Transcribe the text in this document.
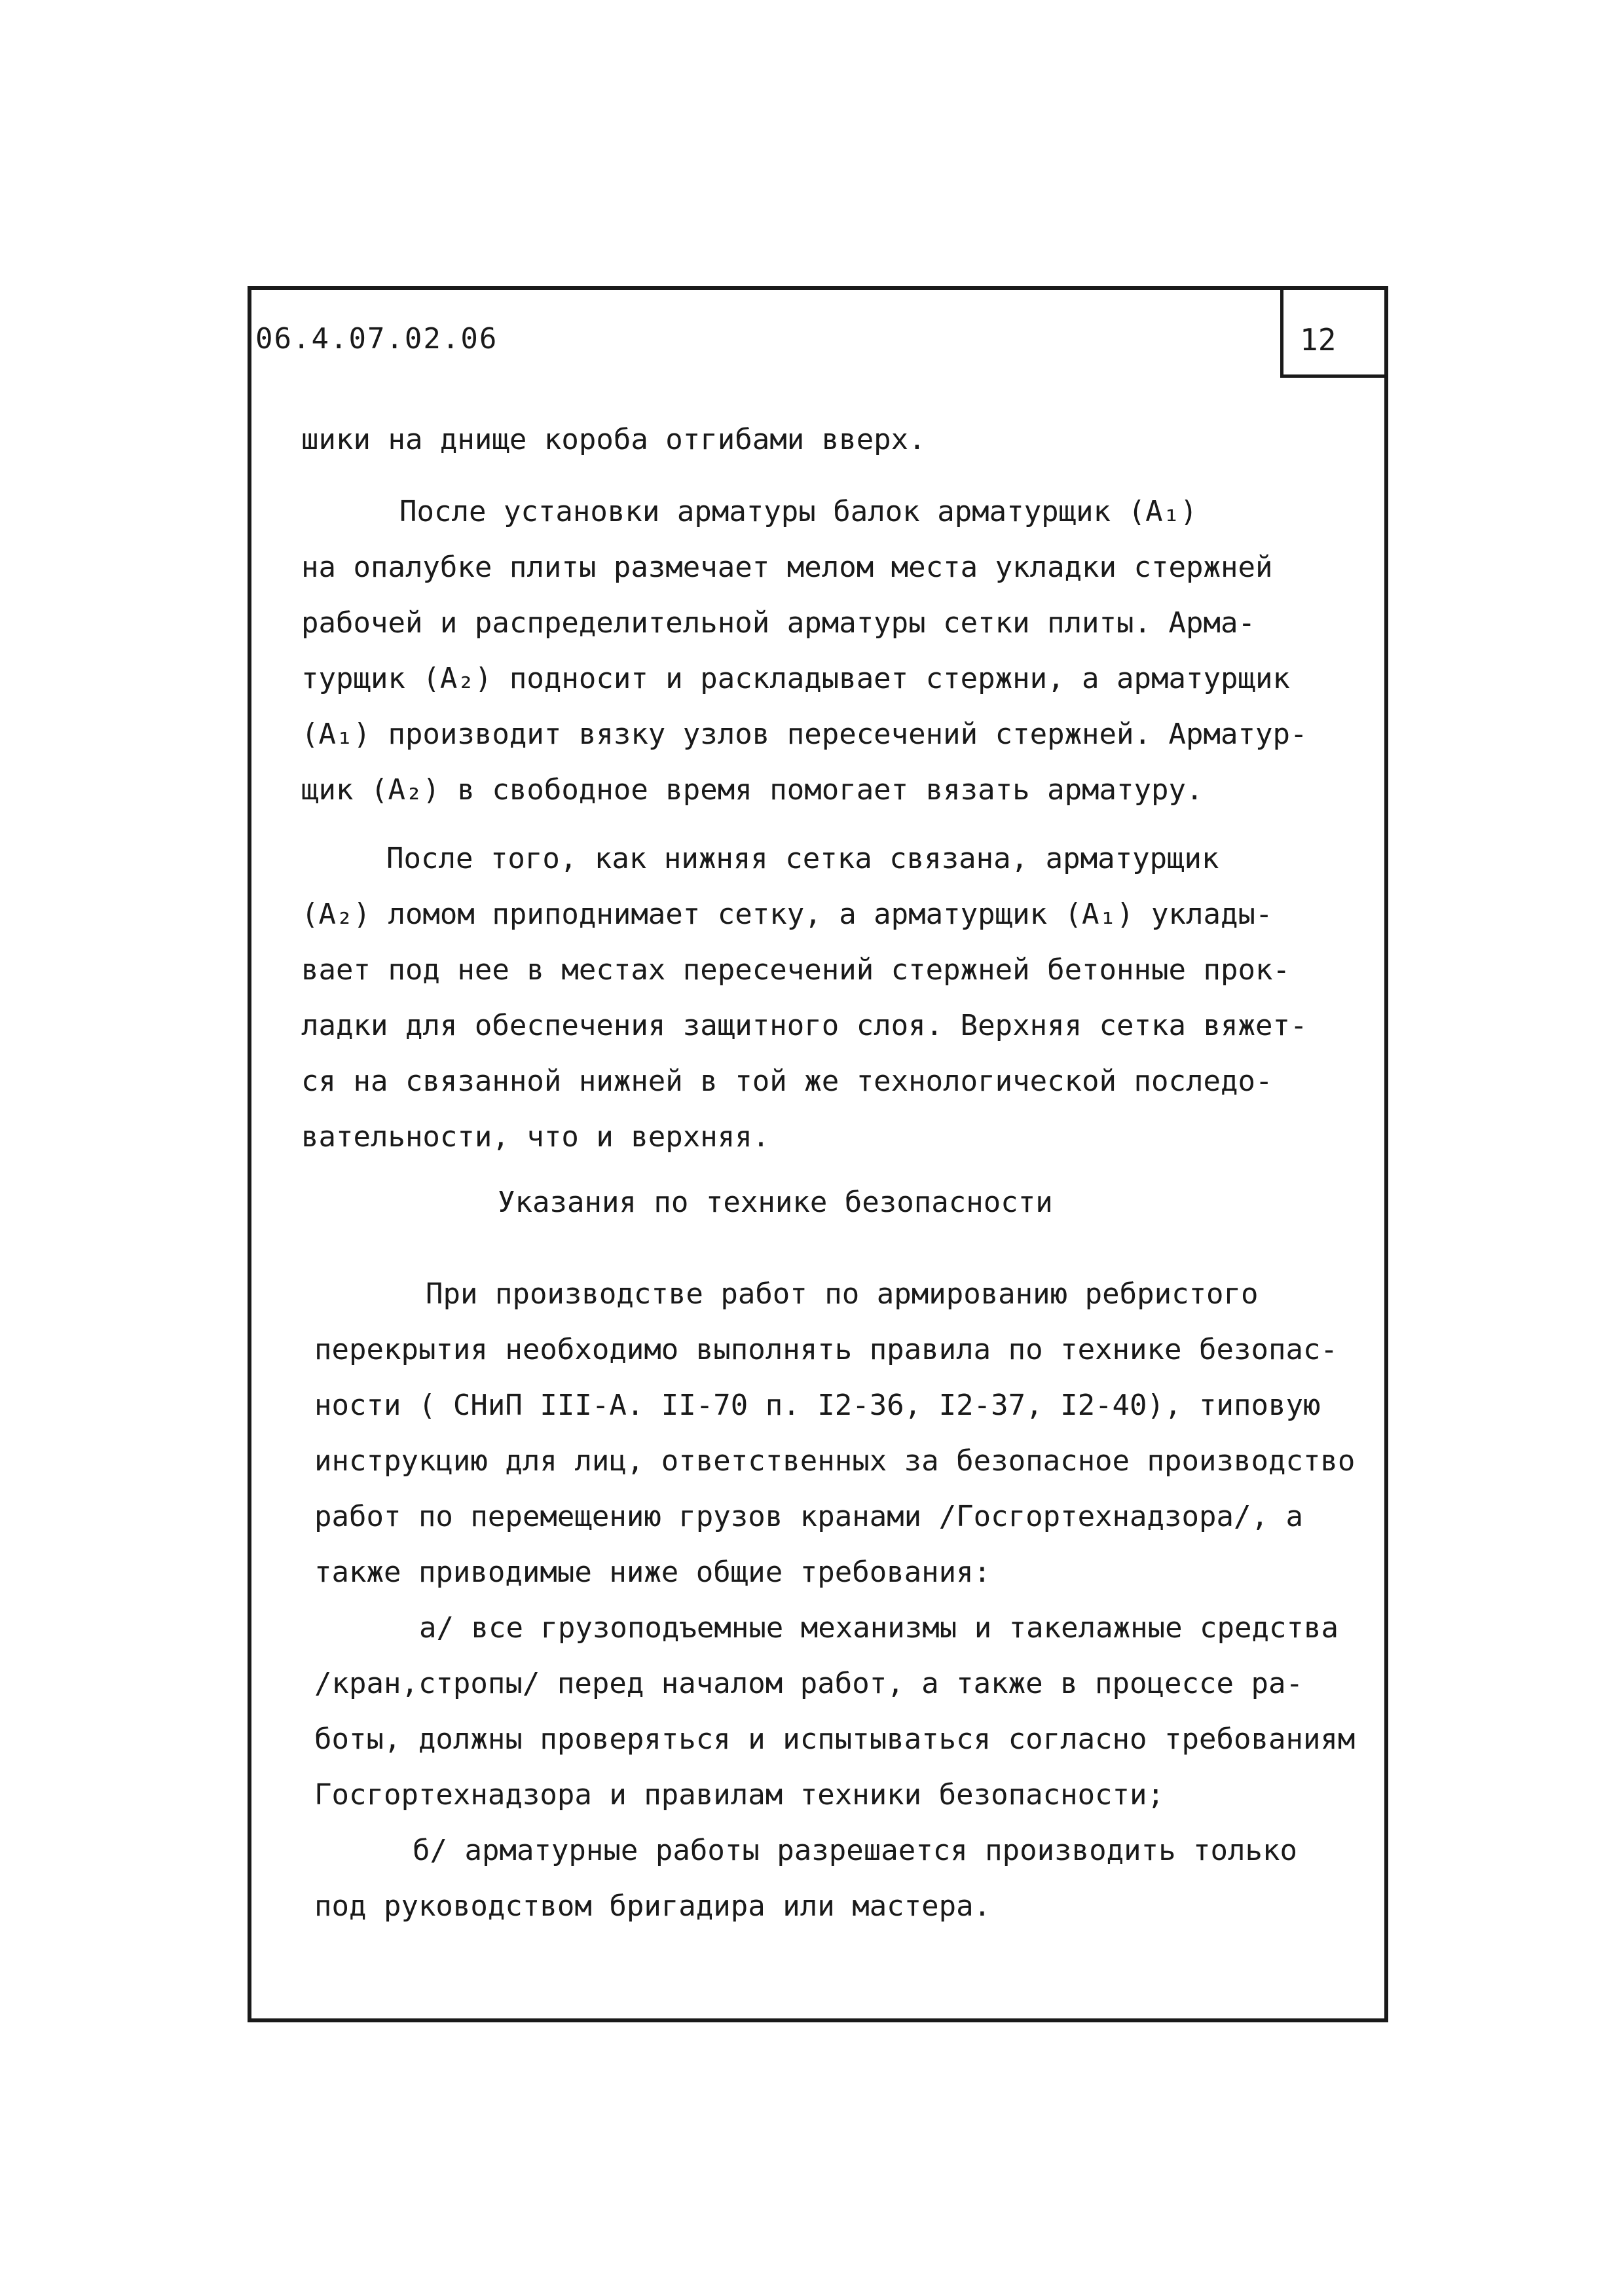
06.4.07.02.06	12
шики на днище короба отгибами вверх.
После установки арматуры балок арматурщик (A₁)
на опалубке плиты размечает мелом места укладки стержней
рабочей и распределительной арматуры сетки плиты. Арма-
турщик (A₂) подносит и раскладывает стержни, а арматурщик
(A₁) производит вязку узлов пересечений стержней. Арматур-
щик (A₂) в свободное время помогает вязать арматуру.
После того, как нижняя сетка связана, арматурщик
(A₂) ломом приподнимает сетку, а арматурщик (A₁) уклады-
вает под нее в местах пересечений стержней бетонные прок-
ладки для обеспечения защитного слоя. Верхняя сетка вяжет-
ся на связанной нижней в той же технологической последо-
вательности, что и верхняя.
Указания по технике безопасности
При производстве работ по армированию ребристого
перекрытия необходимо выполнять правила по технике безопас-
ности ( СНиП III-А. II-70 п. I2-36, I2-37, I2-40), типовую
инструкцию для лиц, ответственных за безопасное производство
работ по перемещению грузов кранами /Госгортехнадзора/, а
также приводимые ниже общие требования:
а/ все грузоподъемные механизмы и такелажные средства
/кран,стропы/ перед началом работ, а также в процессе ра-
боты, должны проверяться и испытываться согласно требованиям
Госгортехнадзора и правилам техники безопасности;
б/ арматурные работы разрешается производить только
под руководством бригадира или мастера.
